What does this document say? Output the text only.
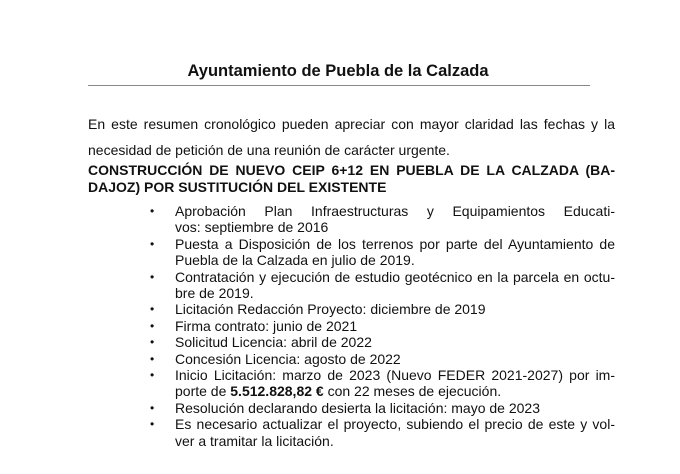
Ayuntamiento de Puebla de la Calzada
En este resumen cronológico pueden apreciar con mayor claridad las fechas y la
necesidad de petición de una reunión de carácter urgente.
CONSTRUCCIÓN DE NUEVO CEIP 6+12 EN PUEBLA DE LA CALZADA (BA-
DAJOZ) POR SUSTITUCIÓN DEL EXISTENTE
• Aprobación Plan Infraestructuras y Equipamientos Educati-
vos: septiembre de 2016
• Puesta a Disposición de los terrenos por parte del Ayuntamiento de
Puebla de la Calzada en julio de 2019.
• Contratación y ejecución de estudio geotécnico en la parcela en octu-
bre de 2019.
• Licitación Redacción Proyecto: diciembre de 2019
• Firma contrato: junio de 2021
• Solicitud Licencia: abril de 2022
• Concesión Licencia: agosto de 2022
• Inicio Licitación: marzo de 2023 (Nuevo FEDER 2021-2027) por im-
porte de 5.512.828,82 € con 22 meses de ejecución.
• Resolución declarando desierta la licitación: mayo de 2023
• Es necesario actualizar el proyecto, subiendo el precio de este y vol-
ver a tramitar la licitación.
